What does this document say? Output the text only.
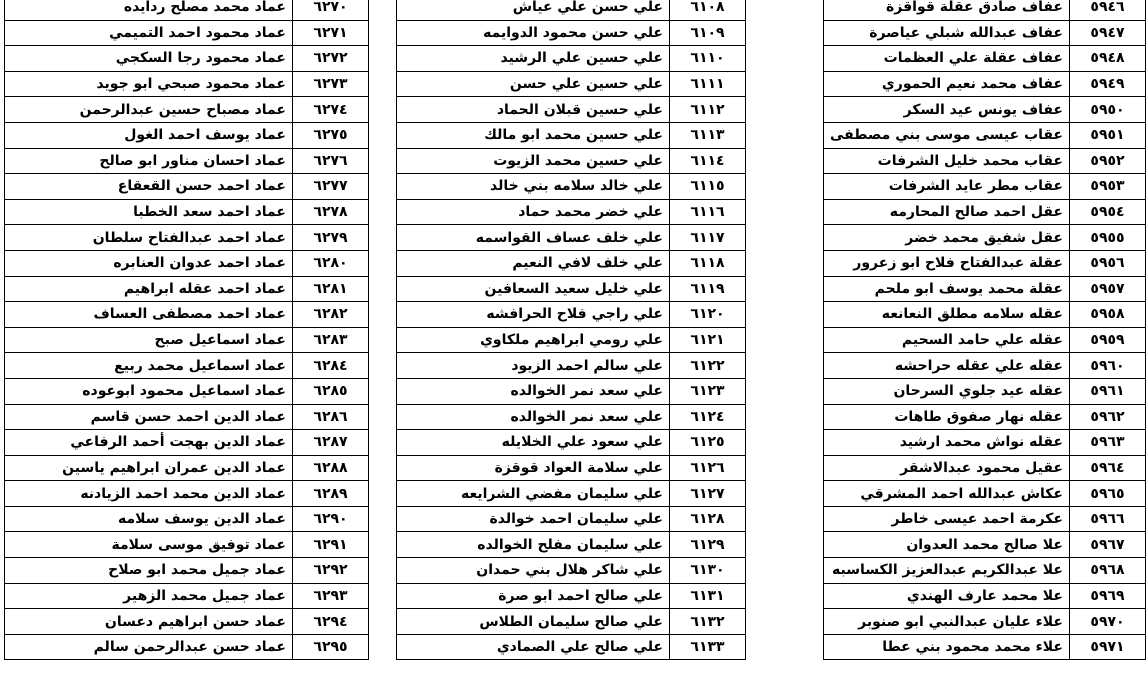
٥٩٤٦	عفاف صادق عقلة قواقزة
٥٩٤٧	عفاف عبدالله شبلي عياصرة
٥٩٤٨	عفاف عقلة علي العظمات
٥٩٤٩	عفاف محمد نعيم الحموري
٥٩٥٠	عفاف يونس عيد السكر
٥٩٥١	عقاب عيسى موسى بني مصطفى
٥٩٥٢	عقاب محمد خليل الشرفات
٥٩٥٣	عقاب مطر عايد الشرفات
٥٩٥٤	عقل احمد صالح المحارمه
٥٩٥٥	عقل شفيق محمد خضر
٥٩٥٦	عقلة عبدالفتاح فلاح ابو زعرور
٥٩٥٧	عقلة محمد يوسف ابو ملحم
٥٩٥٨	عقله سلامه مطلق النعانعه
٥٩٥٩	عقله علي حامد السحيم
٥٩٦٠	عقله علي عقله حراحشه
٥٩٦١	عقله عيد جلوي السرحان
٥٩٦٢	عقله نهار صفوق طاهات
٥٩٦٣	عقله نواش محمد ارشيد
٥٩٦٤	عقيل محمود عبدالاشقر
٥٩٦٥	عكاش عبدالله احمد المشرقي
٥٩٦٦	عكرمة احمد عيسى خاطر
٥٩٦٧	علا صالح محمد العدوان
٥٩٦٨	علا عبدالكريم عبدالعزيز الكساسبه
٥٩٦٩	علا محمد عارف الهندي
٥٩٧٠	علاء عليان عبدالنبي ابو صنوبر
٥٩٧١	علاء محمد محمود بني عطا
٦١٠٨	علي حسن علي عياش
٦١٠٩	علي حسن محمود الدوايمه
٦١١٠	علي حسين علي الرشيد
٦١١١	علي حسين علي حسن
٦١١٢	علي حسين قبلان الحماد
٦١١٣	علي حسين محمد ابو مالك
٦١١٤	علي حسين محمد الزيوت
٦١١٥	علي خالد سلامه بني خالد
٦١١٦	علي خضر محمد حماد
٦١١٧	علي خلف عساف القواسمه
٦١١٨	علي خلف لافي النعيم
٦١١٩	علي خليل سعيد السعافين
٦١٢٠	علي راجي فلاح الحرافشه
٦١٢١	علي رومي ابراهيم ملكاوي
٦١٢٢	علي سالم احمد الزيود
٦١٢٣	علي سعد نمر الخوالده
٦١٢٤	علي سعد نمر الخوالده
٦١٢٥	علي سعود علي الخلايله
٦١٢٦	علي سلامة العواد قوقزة
٦١٢٧	علي سليمان مفضي الشرايعه
٦١٢٨	علي سليمان احمد خوالدة
٦١٢٩	علي سليمان مفلح الخوالده
٦١٣٠	علي شاكر هلال بني حمدان
٦١٣١	علي صالح احمد ابو صرة
٦١٣٢	علي صالح سليمان الطلاس
٦١٣٣	علي صالح علي الصمادي
٦٢٧٠	عماد محمد مصلح ردايده
٦٢٧١	عماد محمود احمد التميمي
٦٢٧٢	عماد محمود رجا السكجي
٦٢٧٣	عماد محمود صبحي ابو جويد
٦٢٧٤	عماد مصباح حسين عبدالرحمن
٦٢٧٥	عماد يوسف احمد الغول
٦٢٧٦	عماد احسان مناور ابو صالح
٦٢٧٧	عماد احمد حسن القعقاع
٦٢٧٨	عماد احمد سعد الخطبا
٦٢٧٩	عماد احمد عبدالفتاح سلطان
٦٢٨٠	عماد احمد عدوان العنابره
٦٢٨١	عماد احمد عقله ابراهيم
٦٢٨٢	عماد احمد مصطفى العساف
٦٢٨٣	عماد اسماعيل صبح
٦٢٨٤	عماد اسماعيل محمد ربيع
٦٢٨٥	عماد اسماعيل محمود ابوعوده
٦٢٨٦	عماد الدين احمد حسن قاسم
٦٢٨٧	عماد الدين بهجت أحمد الرفاعي
٦٢٨٨	عماد الدين عمران ابراهيم ياسين
٦٢٨٩	عماد الدين محمد احمد الزيادنه
٦٢٩٠	عماد الدين يوسف سلامه
٦٢٩١	عماد توفيق موسى سلامة
٦٢٩٢	عماد جميل محمد ابو صلاح
٦٢٩٣	عماد جميل محمد الزهير
٦٢٩٤	عماد حسن ابراهيم دعسان
٦٢٩٥	عماد حسن عبدالرحمن سالم
